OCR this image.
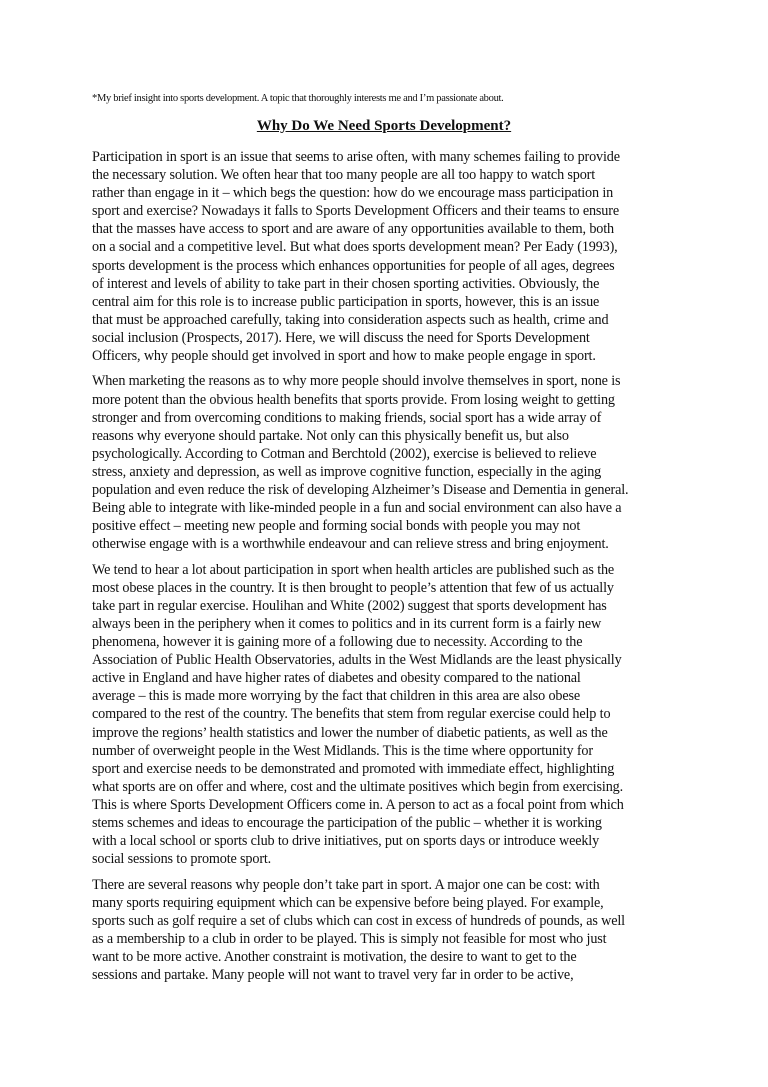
*My brief insight into sports development. A topic that thoroughly interests me and I’m passionate about.
Why Do We Need Sports Development?
Participation in sport is an issue that seems to arise often, with many schemes failing to provide
the necessary solution. We often hear that too many people are all too happy to watch sport
rather than engage in it – which begs the question: how do we encourage mass participation in
sport and exercise? Nowadays it falls to Sports Development Officers and their teams to ensure
that the masses have access to sport and are aware of any opportunities available to them, both
on a social and a competitive level. But what does sports development mean? Per Eady (1993),
sports development is the process which enhances opportunities for people of all ages, degrees
of interest and levels of ability to take part in their chosen sporting activities. Obviously, the
central aim for this role is to increase public participation in sports, however, this is an issue
that must be approached carefully, taking into consideration aspects such as health, crime and
social inclusion (Prospects, 2017). Here, we will discuss the need for Sports Development
Officers, why people should get involved in sport and how to make people engage in sport.
When marketing the reasons as to why more people should involve themselves in sport, none is
more potent than the obvious health benefits that sports provide. From losing weight to getting
stronger and from overcoming conditions to making friends, social sport has a wide array of
reasons why everyone should partake. Not only can this physically benefit us, but also
psychologically. According to Cotman and Berchtold (2002), exercise is believed to relieve
stress, anxiety and depression, as well as improve cognitive function, especially in the aging
population and even reduce the risk of developing Alzheimer’s Disease and Dementia in general.
Being able to integrate with like-minded people in a fun and social environment can also have a
positive effect – meeting new people and forming social bonds with people you may not
otherwise engage with is a worthwhile endeavour and can relieve stress and bring enjoyment.
We tend to hear a lot about participation in sport when health articles are published such as the
most obese places in the country. It is then brought to people’s attention that few of us actually
take part in regular exercise. Houlihan and White (2002) suggest that sports development has
always been in the periphery when it comes to politics and in its current form is a fairly new
phenomena, however it is gaining more of a following due to necessity. According to the
Association of Public Health Observatories, adults in the West Midlands are the least physically
active in England and have higher rates of diabetes and obesity compared to the national
average – this is made more worrying by the fact that children in this area are also obese
compared to the rest of the country. The benefits that stem from regular exercise could help to
improve the regions’ health statistics and lower the number of diabetic patients, as well as the
number of overweight people in the West Midlands. This is the time where opportunity for
sport and exercise needs to be demonstrated and promoted with immediate effect, highlighting
what sports are on offer and where, cost and the ultimate positives which begin from exercising.
This is where Sports Development Officers come in. A person to act as a focal point from which
stems schemes and ideas to encourage the participation of the public – whether it is working
with a local school or sports club to drive initiatives, put on sports days or introduce weekly
social sessions to promote sport.
There are several reasons why people don’t take part in sport. A major one can be cost: with
many sports requiring equipment which can be expensive before being played. For example,
sports such as golf require a set of clubs which can cost in excess of hundreds of pounds, as well
as a membership to a club in order to be played. This is simply not feasible for most who just
want to be more active. Another constraint is motivation, the desire to want to get to the
sessions and partake. Many people will not want to travel very far in order to be active,
